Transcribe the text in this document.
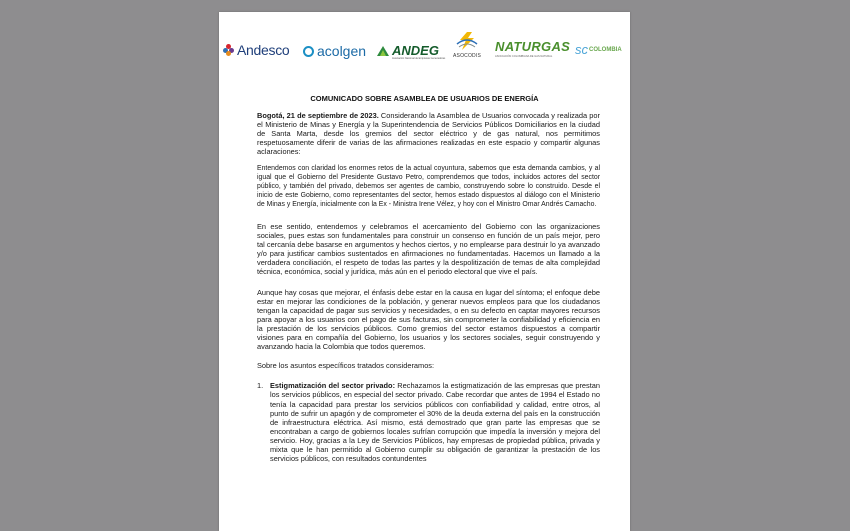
Andesco acolgen ANDEG
Asociación Nacional de Empresas Generadoras ASOCODIS
NATURGAS
ASOCIACIÓN COLOMBIANA DE GAS NATURAL sc COLOMBIA
COMUNICADO SOBRE ASAMBLEA DE USUARIOS DE ENERGÍA

Bogotá, 21 de septiembre de 2023. Considerando la Asamblea de Usuarios convocada y realizada por el Ministerio de Minas y Energía y la Superintendencia de Servicios Públicos Domiciliarios en la ciudad de Santa Marta, desde los gremios del sector eléctrico y de gas natural, nos permitimos respetuosamente diferir de varias de las afirmaciones realizadas en este espacio y compartir algunas aclaraciones:

Entendemos con claridad los enormes retos de la actual coyuntura, sabemos que esta demanda cambios, y al igual que el Gobierno del Presidente Gustavo Petro, comprendemos que todos, incluidos actores del sector público, y también del privado, debemos ser agentes de cambio, construyendo sobre lo construido. Desde el inicio de este Gobierno, como representantes del sector, hemos estado dispuestos al diálogo con el Ministerio de Minas y Energía, inicialmente con la Ex - Ministra Irene Vélez, y hoy con el Ministro Omar Andrés Camacho.

En ese sentido, entendemos y celebramos el acercamiento del Gobierno con las organizaciones sociales, pues estas son fundamentales para construir un consenso en función de un país mejor, pero tal cercanía debe basarse en argumentos y hechos ciertos, y no emplearse para destruir lo ya avanzado y/o para justificar cambios sustentados en afirmaciones no fundamentadas. Hacemos un llamado a la verdadera conciliación, el respeto de todas las partes y la despolitización de temas de alta complejidad técnica, económica, social y jurídica, más aún en el periodo electoral que vive el país.

Aunque hay cosas que mejorar, el énfasis debe estar en la causa en lugar del síntoma; el enfoque debe estar en mejorar las condiciones de la población, y generar nuevos empleos para que los ciudadanos tengan la capacidad de pagar sus servicios y necesidades, o en su defecto en captar mayores recursos para apoyar a los usuarios con el pago de sus facturas, sin comprometer la confiabilidad y eficiencia en la prestación de los servicios públicos. Como gremios del sector estamos dispuestos a compartir visiones para en compañía del Gobierno, los usuarios y los sectores sociales, seguir construyendo y avanzando hacia la Colombia que todos queremos.

Sobre los asuntos específicos tratados consideramos:

1. Estigmatización del sector privado: Rechazamos la estigmatización de las empresas que prestan los servicios públicos, en especial del sector privado. Cabe recordar que antes de 1994 el Estado no tenía la capacidad para prestar los servicios públicos con confiabilidad y calidad, entre otros, al punto de sufrir un apagón y de comprometer el 30% de la deuda externa del país en la construcción de infraestructura eléctrica. Así mismo, está demostrado que gran parte las empresas que se encontraban a cargo de gobiernos locales sufrían corrupción que impedía la inversión y mejora del servicio. Hoy, gracias a la Ley de Servicios Públicos, hay empresas de propiedad pública, privada y mixta que le han permitido al Gobierno cumplir su obligación de garantizar la prestación de los servicios públicos, con resultados contundentes
